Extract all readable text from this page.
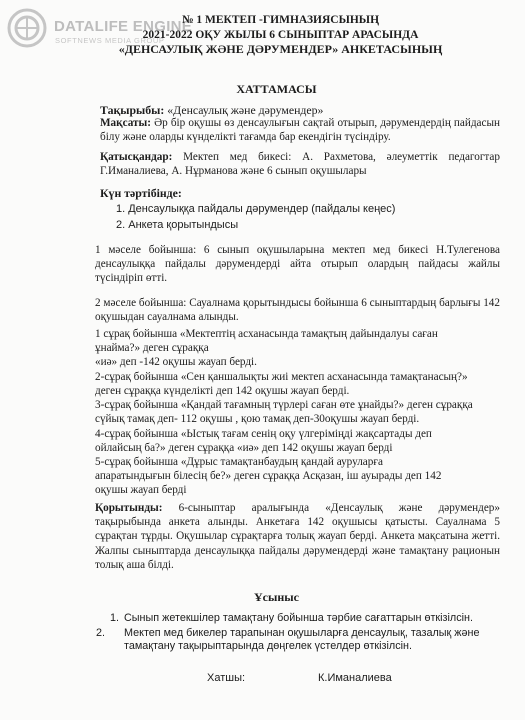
DATALIFE ENGINE
SOFTNEWS MEDIA GROUP
№ 1 МЕКТЕП -ГИМНАЗИЯСЫНЫҢ
2021-2022 ОҚУ ЖЫЛЫ 6 СЫНЫПТАР АРАСЫНДА
«ДЕНСАУЛЫҚ ЖӘНЕ ДӘРУМЕНДЕР» АНКЕТАСЫНЫҢ
ХАТТАМАСЫ
Тақырыбы: «Денсаулық және дәрумендер»
Мақсаты: Әр бір оқушы өз денсаулығын сақтай отырып, дәрумендердің пайдасын білу және оларды күнделікті тағамда бар екендігін түсіндіру.
Қатысқандар: Мектеп мед бикесі: А. Рахметова, әлеуметтік педагогтар Г.Иманалиева, А. Нұрманова және 6 сынып оқушылары
Күн тәртібінде:
1. Денсаулыққа пайдалы дәрумендер (пайдалы кеңес)
2. Анкета қорытындысы
1 мәселе бойынша: 6 сынып оқушыларына мектеп мед бикесі Н.Тулегенова денсаулыққа пайдалы дәрумендерді айта отырып олардың пайдасы жайлы түсіндіріп өтті.
2 мәселе бойынша: Сауалнама қорытындысы бойынша 6 сыныптардың барлығы 142 оқушыдан сауалнама алынды.
1 сұрақ бойынша «Мектептің асханасында тамақтың дайындалуы саған
ұнайма?» деген сұраққа
«иә» деп -142 оқушы жауап берді.
2-сұрақ бойынша «Сен қаншалықты жиі мектеп асханасында тамақтанасың?»
деген сұраққа күнделікті деп 142 оқушы жауап берді.
3-сұрақ бойынша «Қандай тағамның түрлері саған өте ұнайды?» деген сұраққа
сүйық тамақ деп- 112 оқушы , қою тамақ деп-30оқушы жауап берді.
4-сұрақ бойынша «Ыстық тағам сенің оқу үлгеріміңді жақсартады деп
ойлайсың ба?» деген сұраққа «иә» деп 142 оқушы жауап берді
5-сұрақ бойынша «Дұрыс тамақтанбаудың қандай ауруларға
апаратындығын білесің бе?» деген сұраққа Асқазан, іш ауырады деп 142
оқушы жауап берді
Қорытынды: 6-сыныптар аралығында «Денсаулық және дәрумендер» тақырыбында анкета алынды. Анкетаға 142 оқушысы қатысты. Сауалнама 5 сұрақтан тұрды. Оқушылар сұрақтарға толық жауап берді. Анкета мақсатына жетті. Жалпы сыныптарда денсаулыққа пайдалы дәрумендерді және тамақтану рационын толық аша білді.
Ұсыныс
1. Сынып жетекшілер тамақтану бойынша тәрбие сағаттарын өткізілсін.
2. Мектеп мед бикелер тарапынан оқушыларға денсаулық, тазалық және тамақтану тақырыптарында дөңгелек үстелдер өткізілсін.
Хатшы:	К.Иманалиева
